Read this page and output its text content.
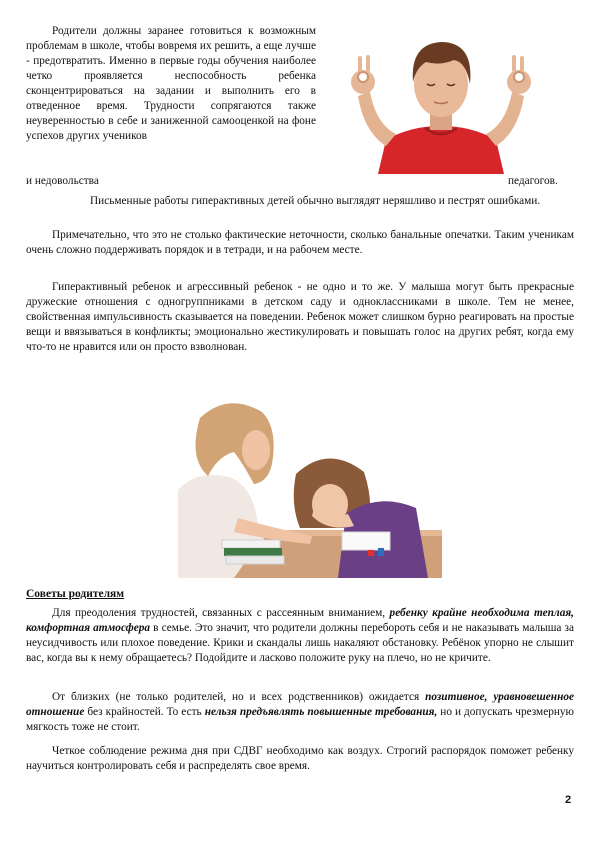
Родители должны заранее готовиться к возможным проблемам в школе, чтобы вовремя их решить, а еще лучше - предотвратить. Именно в первые годы обучения наиболее четко проявляется неспособность ребенка сконцентрироваться на задании и выполнить его в отведенное время. Трудности сопрягаются также неуверенностью в себе и заниженной самооценкой на фоне успехов других учеников

и недовольства	педагогов.

Письменные работы гиперактивных детей обычно выглядят неряшливо и пестрят ошибками.

Примечательно, что это не столько фактические неточности, сколько банальные опечатки. Таким ученикам очень сложно поддерживать порядок и в тетради, и на рабочем месте.

Гиперактивный ребенок и агрессивный ребенок - не одно и то же. У малыша могут быть прекрасные дружеские отношения с одногруппниками в детском саду и одноклассниками в школе. Тем не менее, свойственная импульсивность сказывается на поведении. Ребенок может слишком бурно реагировать на простые вещи и ввязываться в конфликты; эмоционально жестикулировать и повышать голос на других ребят, когда ему что-то не нравится или он просто взволнован.

Советы родителям

Для преодоления трудностей, связанных с рассеянным вниманием, ребенку крайне необходима теплая, комфортная атмосфера в семье. Это значит, что родители должны перебороть себя и не наказывать малыша за неусидчивость или плохое поведение. Крики и скандалы лишь накаляют обстановку. Ребёнок упорно не слышит вас, когда вы к нему обращаетесь? Подойдите и ласково положите руку на плечо, но не кричите.

От близких (не только родителей, но и всех родственников) ожидается позитивное, уравновешенное отношение без крайностей. То есть нельзя предъявлять повышенные требования, но и допускать чрезмерную мягкость тоже не стоит.

Четкое соблюдение режима дня при СДВГ необходимо как воздух. Строгий распорядок поможет ребенку научиться контролировать себя и распределять свое время.

2
